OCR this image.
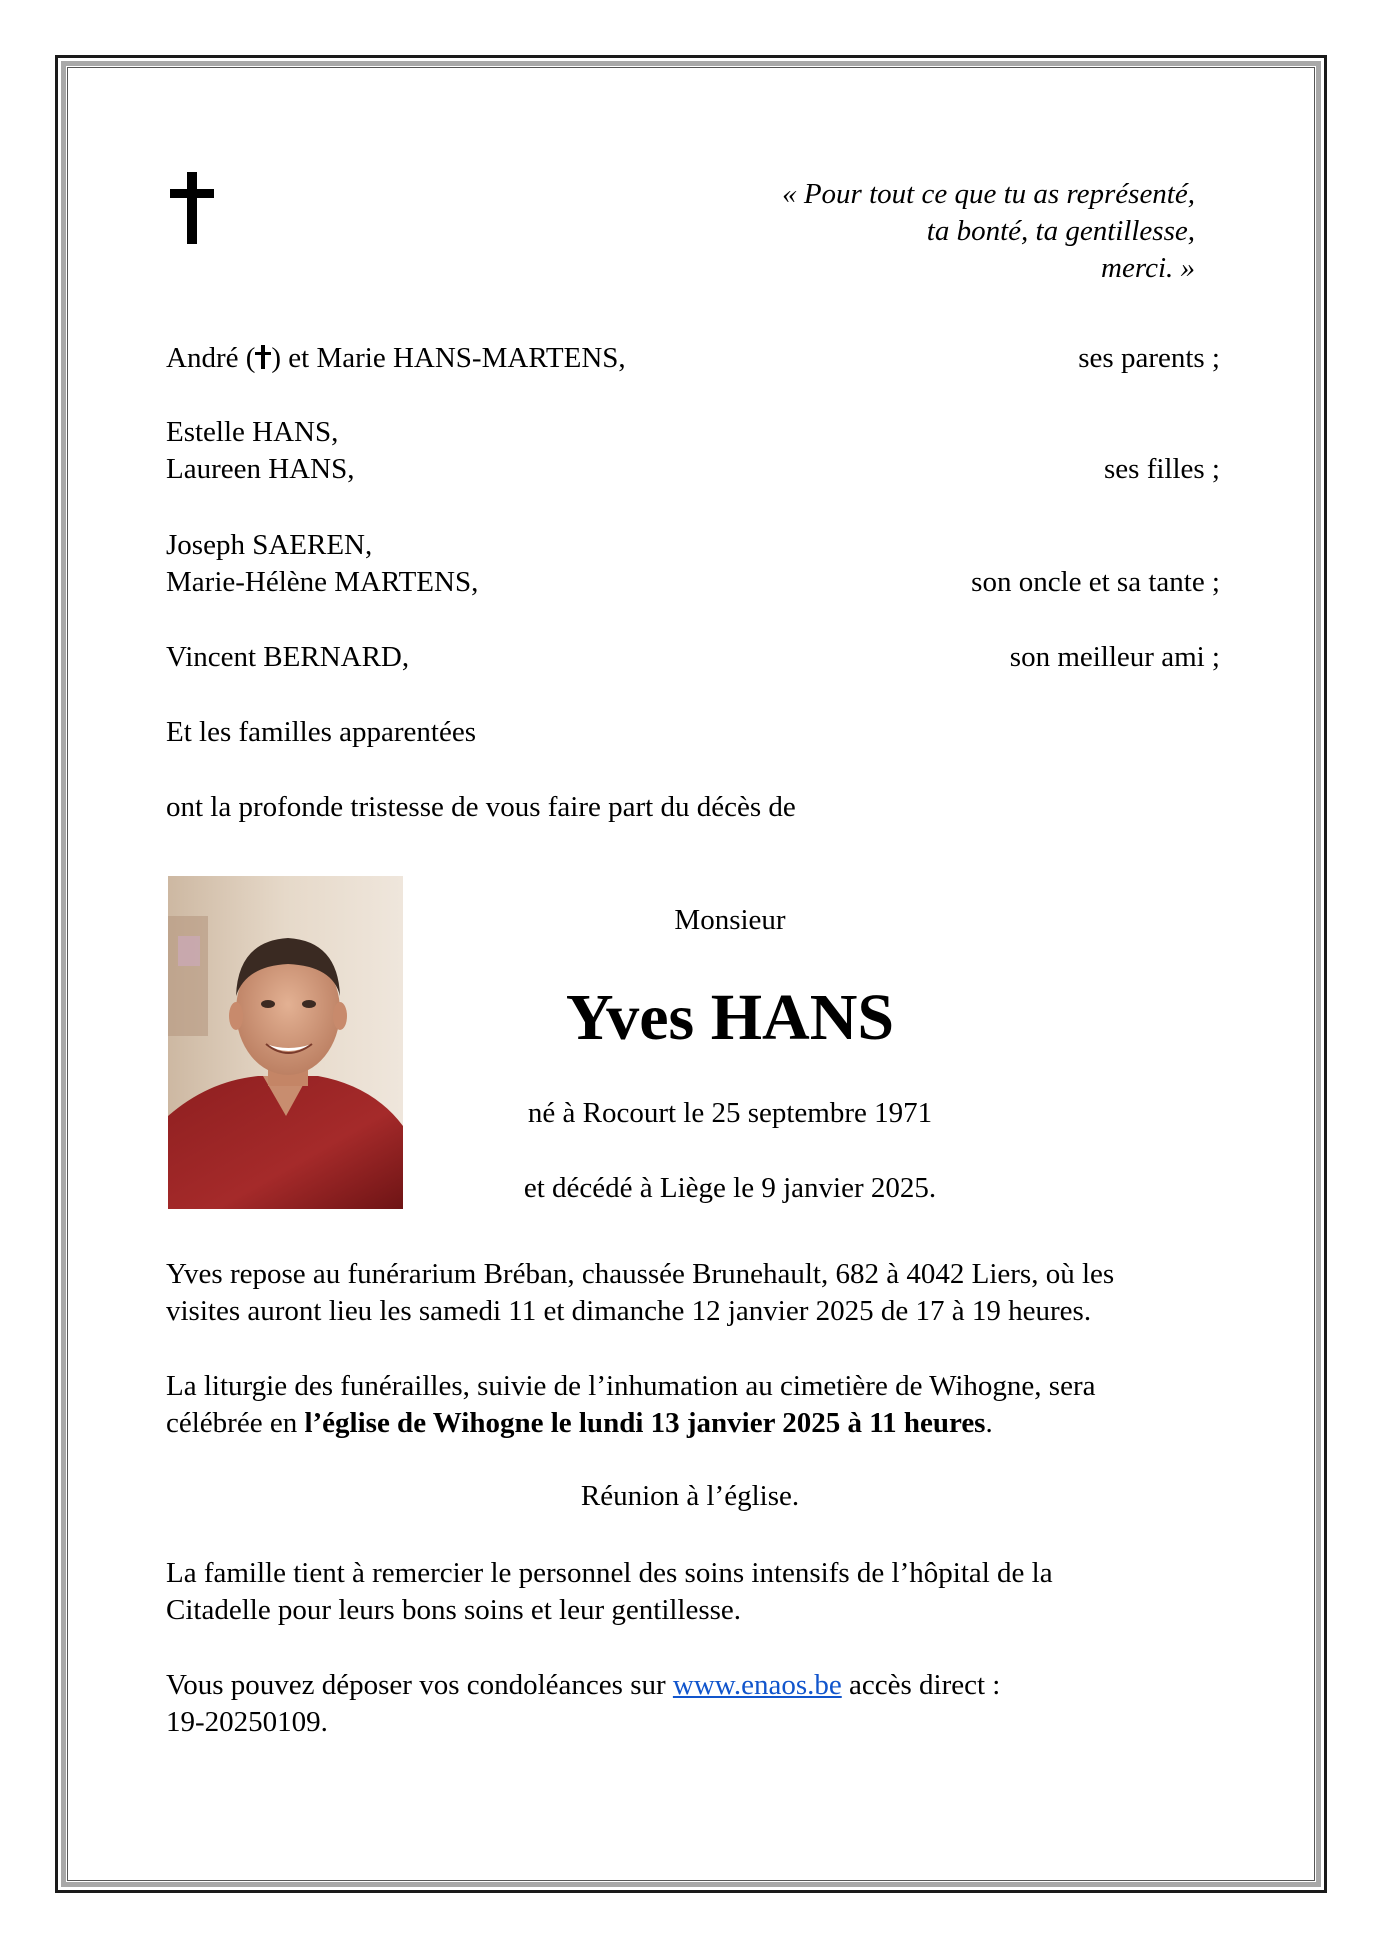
« Pour tout ce que tu as représenté,
ta bonté, ta gentillesse,
merci. »
André ( ) et Marie HANS-MARTENS,	ses parents ;
Estelle HANS,
Laureen HANS,	ses filles ;
Joseph SAEREN,
Marie-Hélène MARTENS,	son oncle et sa tante ;
Vincent BERNARD,	son meilleur ami ;
Et les familles apparentées
ont la profonde tristesse de vous faire part du décès de
Monsieur
Yves HANS
né à Rocourt le 25 septembre 1971
et décédé à Liège le 9 janvier 2025.
Yves repose au funérarium Bréban, chaussée Brunehault, 682 à 4042 Liers, où les
visites auront lieu les samedi 11 et dimanche 12 janvier 2025 de 17 à 19 heures.
La liturgie des funérailles, suivie de l’inhumation au cimetière de Wihogne, sera
célébrée en l’église de Wihogne le lundi 13 janvier 2025 à 11 heures.
Réunion à l’église.
La famille tient à remercier le personnel des soins intensifs de l’hôpital de la
Citadelle pour leurs bons soins et leur gentillesse.
Vous pouvez déposer vos condoléances sur www.enaos.be accès direct :
19-20250109.
